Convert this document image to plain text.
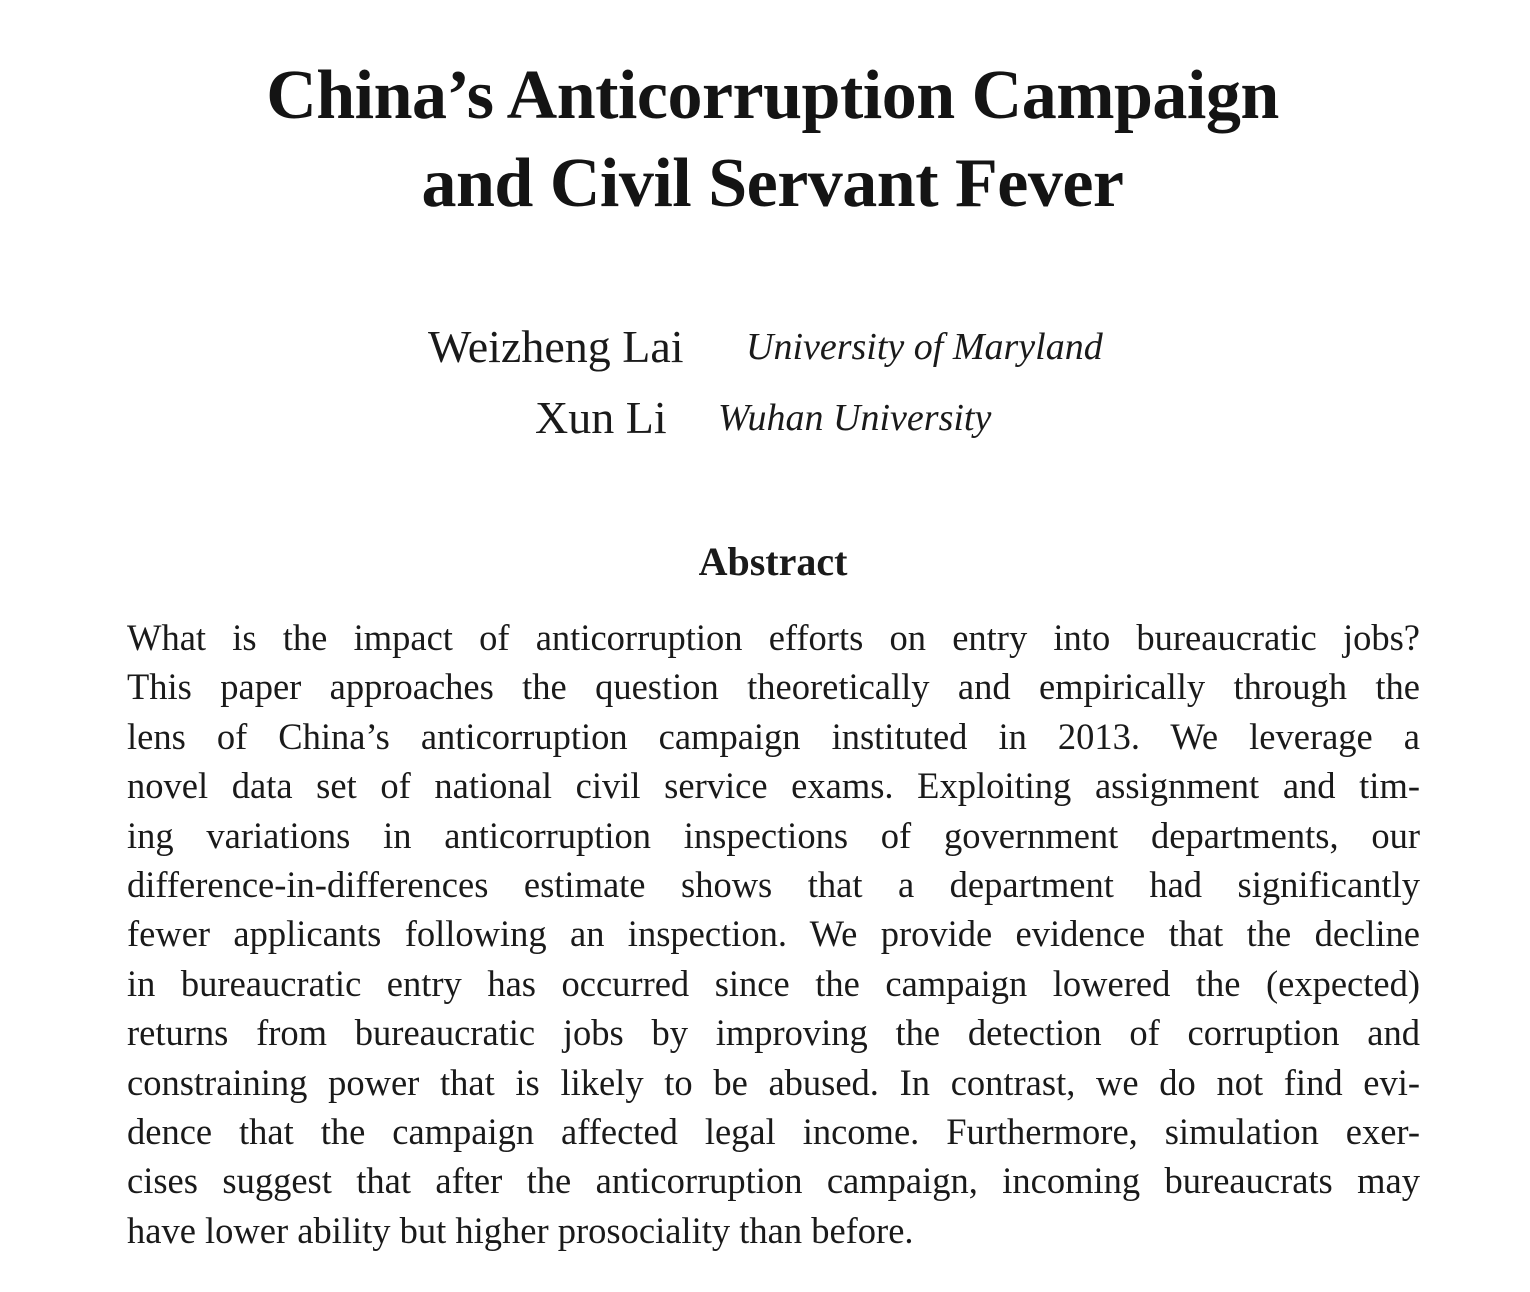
China’s Anticorruption Campaign
and Civil Servant Fever
Weizheng Lai University of Maryland
Xun Li Wuhan University
Abstract
What is the impact of anticorruption efforts on entry into bureaucratic jobs?
This paper approaches the question theoretically and empirically through the
lens of China’s anticorruption campaign instituted in 2013. We leverage a
novel data set of national civil service exams. Exploiting assignment and tim-
ing variations in anticorruption inspections of government departments, our
difference-in-differences estimate shows that a department had significantly
fewer applicants following an inspection. We provide evidence that the decline
in bureaucratic entry has occurred since the campaign lowered the (expected)
returns from bureaucratic jobs by improving the detection of corruption and
constraining power that is likely to be abused. In contrast, we do not find evi-
dence that the campaign affected legal income. Furthermore, simulation exer-
cises suggest that after the anticorruption campaign, incoming bureaucrats may
have lower ability but higher prosociality than before.
